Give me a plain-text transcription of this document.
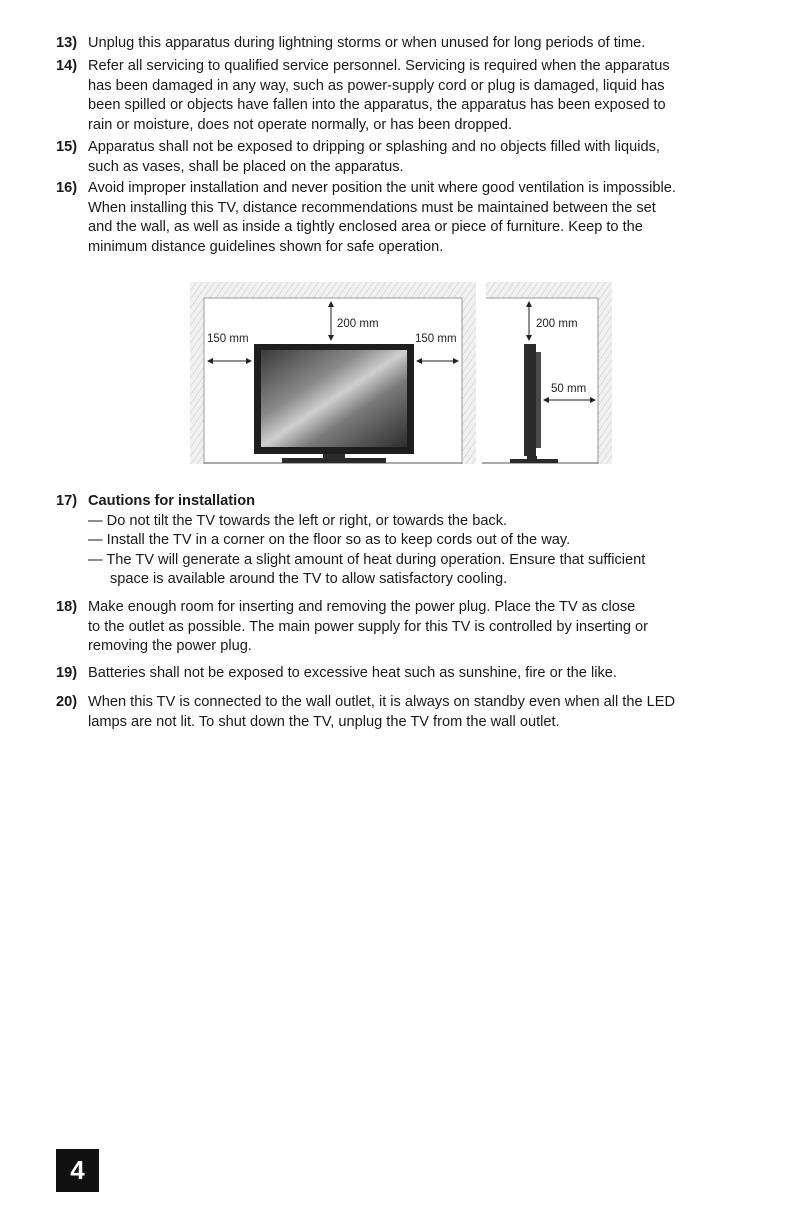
13) Unplug this apparatus during lightning storms or when unused for long periods of time.
14) Refer all servicing to qualified service personnel. Servicing is required when the apparatus
has been damaged in any way, such as power-supply cord or plug is damaged, liquid has
been spilled or objects have fallen into the apparatus, the apparatus has been exposed to
rain or moisture, does not operate normally, or has been dropped.
15) Apparatus shall not be exposed to dripping or splashing and no objects filled with liquids,
such as vases, shall be placed on the apparatus.
16) Avoid improper installation and never position the unit where good ventilation is impossible.
When installing this TV, distance recommendations must be maintained between the set
and the wall, as well as inside a tightly enclosed area or piece of furniture. Keep to the
minimum distance guidelines shown for safe operation.
200 mm
150 mm	150 mm
200 mm
50 mm
17) Cautions for installation
— Do not tilt the TV towards the left or right, or towards the back.
— Install the TV in a corner on the floor so as to keep cords out of the way.
— The TV will generate a slight amount of heat during operation. Ensure that sufficient
space is available around the TV to allow satisfactory cooling.
18) Make enough room for inserting and removing the power plug. Place the TV as close
to the outlet as possible. The main power supply for this TV is controlled by inserting or
removing the power plug.
19) Batteries shall not be exposed to excessive heat such as sunshine, fire or the like.
20) When this TV is connected to the wall outlet, it is always on standby even when all the LED
lamps are not lit. To shut down the TV, unplug the TV from the wall outlet.
4
